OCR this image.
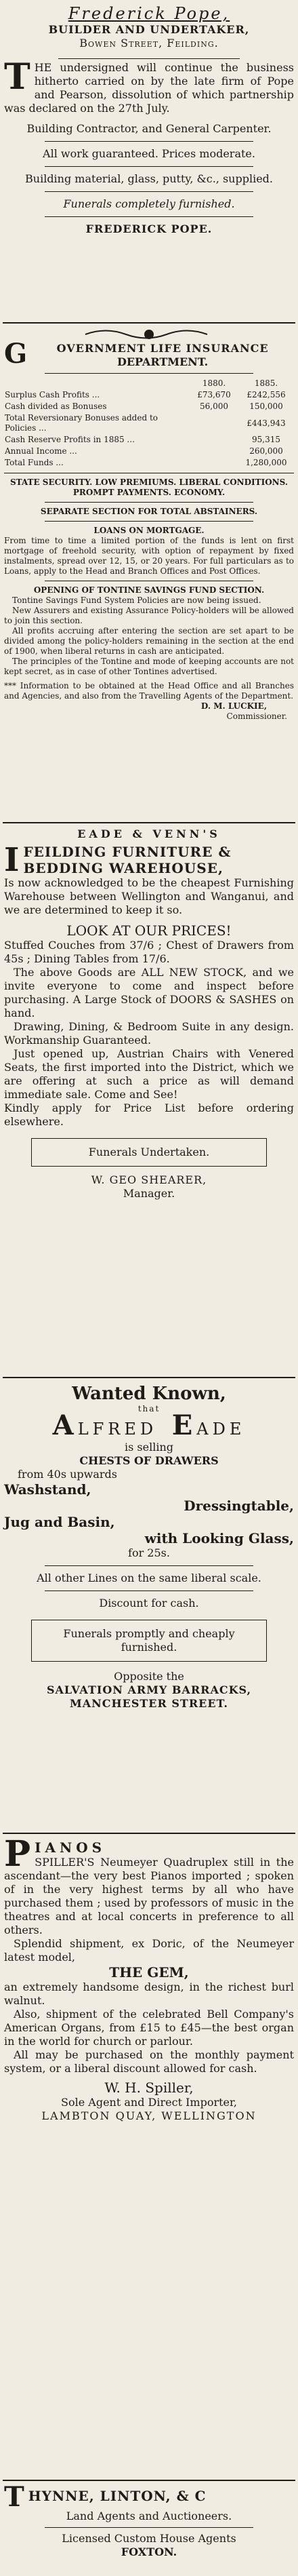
Frederick Pope,
BUILDER AND UNDERTAKER,
Bowen Street, Feilding.
T HE undersigned will continue the business hitherto carried on by the late firm of Pope and Pearson, dissolution of which partnership was declared on the 27th July.

Building Contractor, and General Carpenter.

All work guaranteed. Prices moderate.

Building material, glass, putty, &c., supplied.

Funerals completely furnished.

FREDERICK POPE.

G	OVERNMENT LIFE INSURANCE
DEPARTMENT.
	1880.	1885.
Surplus Cash Profits ...	£73,670	£242,556
Cash divided as Bonuses	56,000	150,000
Total Reversionary Bonuses added to Policies ...		£443,943
Cash Reserve Profits in 1885 ...		95,315
Annual Income ...		260,000
Total Funds ...		1,280,000

STATE SECURITY. LOW PREMIUMS. LIBERAL CONDITIONS. PROMPT PAYMENTS. ECONOMY.

SEPARATE SECTION FOR TOTAL ABSTAINERS.

LOANS ON MORTGAGE.

From time to time a limited portion of the funds is lent on first mortgage of freehold security, with option of repayment by fixed instalments, spread over 12, 15, or 20 years. For full particulars as to Loans, apply to the Head and Branch Offices and Post Offices.

OPENING OF TONTINE SAVINGS FUND SECTION.

Tontine Savings Fund System Policies are now being issued.

New Assurers and existing Assurance Policy-holders will be allowed to join this section.

All profits accruing after entering the section are set apart to be divided among the policy-holders remaining in the section at the end of 1900, when liberal returns in cash are anticipated.

The principles of the Tontine and mode of keeping accounts are not kept secret, as in case of other Tontines advertised.

*** Information to be obtained at the Head Office and all Branches and Agencies, and also from the Travelling Agents of the Department.

D. M. LUCKIE,

Commissioner.

EADE & VENN'S
I FEILDING FURNITURE & BEDDING WAREHOUSE,

Is now acknowledged to be the cheapest Furnishing Warehouse between Wellington and Wanganui, and we are determined to keep it so.

LOOK AT OUR PRICES!

Stuffed Couches from 37/6 ; Chest of Drawers from 45s ; Dining Tables from 17/6.

The above Goods are ALL NEW STOCK, and we invite everyone to come and inspect before purchasing. A Large Stock of DOORS & SASHES on hand.

Drawing, Dining, & Bedroom Suite in any design. Workmanship Guaranteed.

Just opened up, Austrian Chairs with Venered Seats, the first imported into the District, which we are offering at such a price as will demand immediate sale. Come and See!

Kindly apply for Price List before ordering elsewhere.

Funerals Undertaken.

W. GEO SHEARER,

Manager.

Wanted Known,
that
ALFRED EADE
is selling
CHESTS OF DRAWERS
from 40s upwards
Washstand,
Dressingtable,
Jug and Basin,
with Looking Glass,
for 25s.

All other Lines on the same liberal scale.

Discount for cash.

Funerals promptly and cheaply furnished.

Opposite the

SALVATION ARMY BARRACKS,

MANCHESTER STREET.

P IANOS

SPILLER'S Neumeyer Quadruplex still in the ascendant—the very best Pianos imported ; spoken of in the very highest terms by all who have purchased them ; used by professors of music in the theatres and at local concerts in preference to all others.

Splendid shipment, ex Doric, of the Neumeyer latest model,

THE GEM,

an extremely handsome design, in the richest burl walnut.

Also, shipment of the celebrated Bell Company's American Organs, from £15 to £45—the best organ in the world for church or parlour.

All may be purchased on the monthly payment system, or a liberal discount allowed for cash.

W. H. Spiller,

Sole Agent and Direct Importer,

LAMBTON QUAY, WELLINGTON

T HYNNE, LINTON, & C

Land Agents and Auctioneers.

Licensed Custom House Agents

FOXTON.
